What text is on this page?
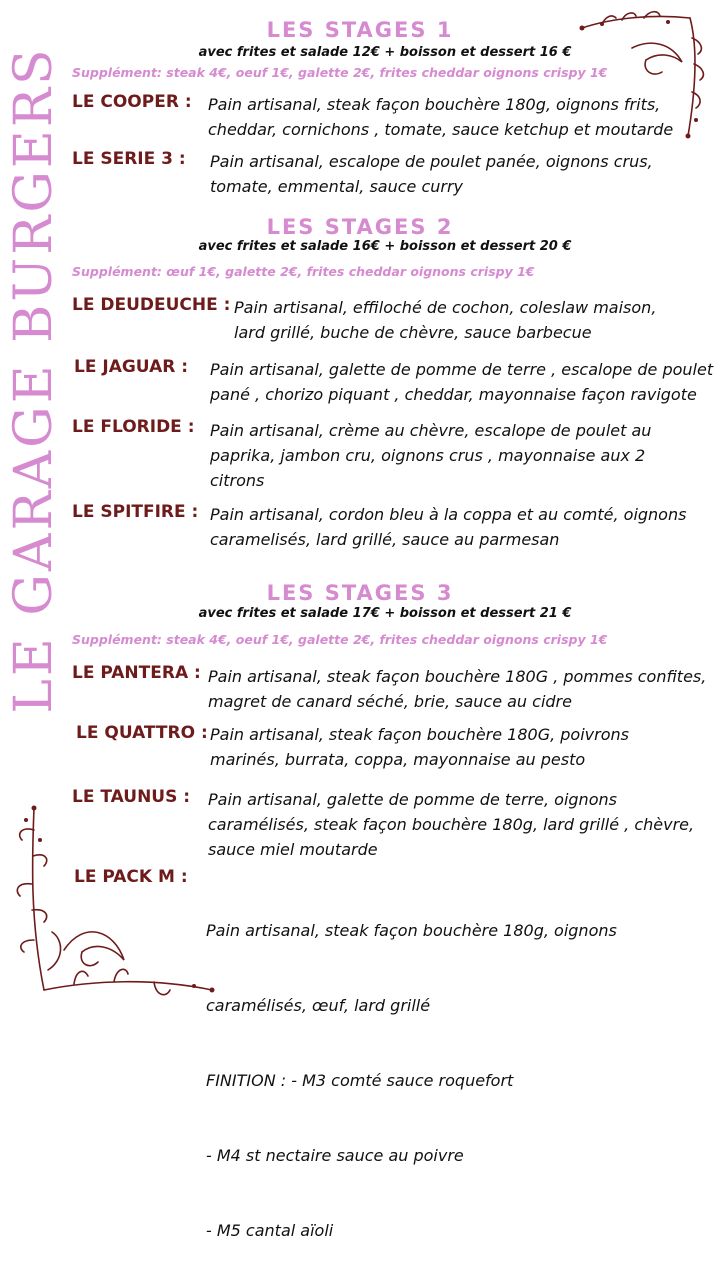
LE GARAGE BURGERS
LES STAGES 1
avec frites et salade 12€ + boisson et dessert 16 €
Supplément: steak 4€, oeuf 1€, galette 2€, frites cheddar oignons crispy 1€
LE COOPER : Pain artisanal, steak façon bouchère 180g, oignons frits,
cheddar, cornichons , tomate, sauce ketchup et moutarde
LE SERIE 3 : Pain artisanal, escalope de poulet panée, oignons crus,
tomate, emmental, sauce curry
LES STAGES 2
avec frites et salade 16€ + boisson et dessert 20 €
Supplément: œuf 1€, galette 2€, frites cheddar oignons crispy 1€
LE DEUDEUCHE : Pain artisanal, effiloché de cochon, coleslaw maison,
lard grillé, buche de chèvre, sauce barbecue
LE JAGUAR : Pain artisanal, galette de pomme de terre , escalope de poulet
pané , chorizo piquant , cheddar, mayonnaise façon ravigote
LE FLORIDE : Pain artisanal, crème au chèvre, escalope de poulet au
paprika, jambon cru, oignons crus , mayonnaise aux 2
citrons
LE SPITFIRE : Pain artisanal, cordon bleu à la coppa et au comté, oignons
caramelisés, lard grillé, sauce au parmesan
LES STAGES 3
avec frites et salade 17€ + boisson et dessert 21 €
Supplément: steak 4€, oeuf 1€, galette 2€, frites cheddar oignons crispy 1€
LE PANTERA : Pain artisanal, steak façon bouchère 180G , pommes confites,
magret de canard séché, brie, sauce au cidre
LE QUATTRO : Pain artisanal, steak façon bouchère 180G, poivrons
marinés, burrata, coppa, mayonnaise au pesto
LE TAUNUS : Pain artisanal, galette de pomme de terre, oignons
caramélisés, steak façon bouchère 180g, lard grillé , chèvre,
sauce miel moutarde
LE PACK M :

Pain artisanal, steak façon bouchère 180g, oignons

caramélisés, œuf, lard grillé

FINITION : - M3 comté sauce roquefort

- M4 st nectaire sauce au poivre

- M5 cantal aïoli
